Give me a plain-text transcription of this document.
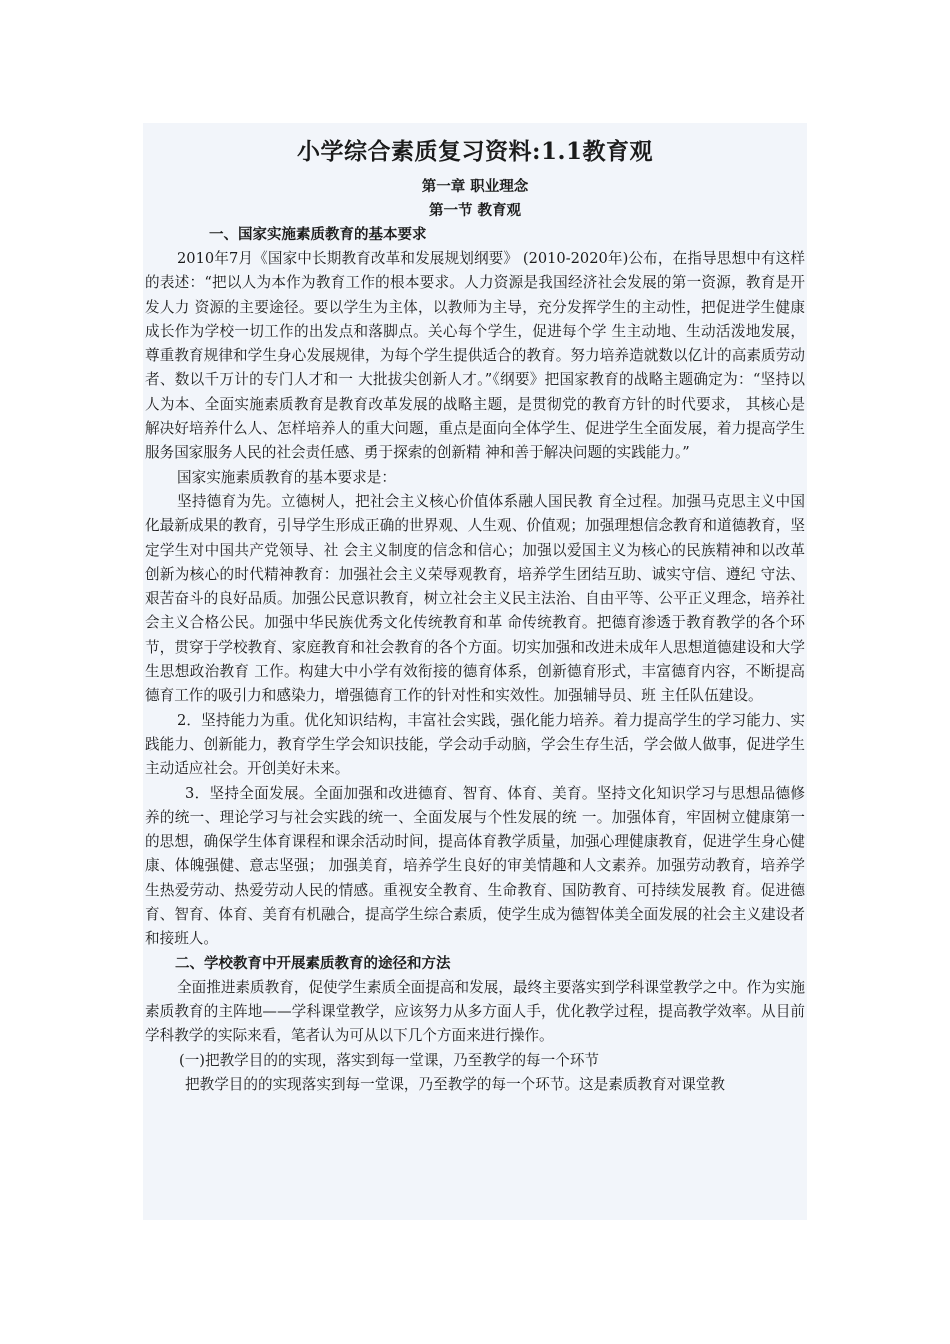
小学综合素质复习资料:1.1教育观
第一章 职业理念
第一节 教育观
一、国家实施素质教育的基本要求

2010年7月《国家中长期教育改革和发展规划纲要》 (2010-2020年)公布，在指导思想中有这样的表述：“把以人为本作为教育工作的根本要求。人力资源是我国经济社会发展的第一资源，教育是开发人力 资源的主要途径。要以学生为主体，以教师为主导，充分发挥学生的主动性，把促进学生健康成长作为学校一切工作的出发点和落脚点。关心每个学生，促进每个学 生主动地、生动活泼地发展，尊重教育规律和学生身心发展规律，为每个学生提供适合的教育。努力培养造就数以亿计的高素质劳动者、数以千万计的专门人才和一 大批拔尖创新人才。”《纲要》把国家教育的战略主题确定为：“坚持以人为本、全面实施素质教育是教育改革发展的战略主题，是贯彻党的教育方针的时代要求， 其核心是解决好培养什么人、怎样培养人的重大问题，重点是面向全体学生、促进学生全面发展，着力提高学生服务国家服务人民的社会责任感、勇于探索的创新精 神和善于解决问题的实践能力。”

国家实施素质教育的基本要求是：

坚持德育为先。立德树人，把社会主义核心价值体系融人国民教 育全过程。加强马克思主义中国化最新成果的教育，引导学生形成正确的世界观、人生观、价值观；加强理想信念教育和道德教育，坚定学生对中国共产党领导、社 会主义制度的信念和信心；加强以爱国主义为核心的民族精神和以改革创新为核心的时代精神教育：加强社会主义荣辱观教育，培养学生团结互助、诚实守信、遵纪 守法、艰苦奋斗的良好品质。加强公民意识教育，树立社会主义民主法治、自由平等、公平正义理念，培养社会主义合格公民。加强中华民族优秀文化传统教育和革 命传统教育。把德育渗透于教育教学的各个环节，贯穿于学校教育、家庭教育和社会教育的各个方面。切实加强和改进未成年人思想道德建设和大学生思想政治教育 工作。构建大中小学有效衔接的德育体系，创新德育形式，丰富德育内容，不断提高德育工作的吸引力和感染力，增强德育工作的针对性和实效性。加强辅导员、班 主任队伍建设。

2．坚持能力为重。优化知识结构，丰富社会实践，强化能力培养。着力提高学生的学习能力、实践能力、创新能力，教育学生学会知识技能，学会动手动脑，学会生存生活，学会做人做事，促进学生主动适应社会。开创美好未来。

3．坚持全面发展。全面加强和改进德育、智育、体育、美育。坚持文化知识学习与思想品德修养的统一、理论学习与社会实践的统一、全面发展与个性发展的统 一。加强体育，牢固树立健康第一的思想，确保学生体育课程和课余活动时间，提高体育教学质量，加强心理健康教育，促进学生身心健康、体魄强健、意志坚强； 加强美育，培养学生良好的审美情趣和人文素养。加强劳动教育，培养学生热爱劳动、热爱劳动人民的情感。重视安全教育、生命教育、国防教育、可持续发展教 育。促进德育、智育、体育、美育有机融合，提高学生综合素质，使学生成为德智体美全面发展的社会主义建设者和接班人。

二、学校教育中开展素质教育的途径和方法

全面推进素质教育，促使学生素质全面提高和发展，最终主要落实到学科课堂教学之中。作为实施素质教育的主阵地——学科课堂教学，应该努力从多方面人手，优化教学过程，提高教学效率。从目前学科教学的实际来看，笔者认为可从以下几个方面来进行操作。

(一)把教学目的的实现，落实到每一堂课，乃至教学的每一个环节

把教学目的的实现落实到每一堂课，乃至教学的每一个环节。这是素质教育对课堂教
